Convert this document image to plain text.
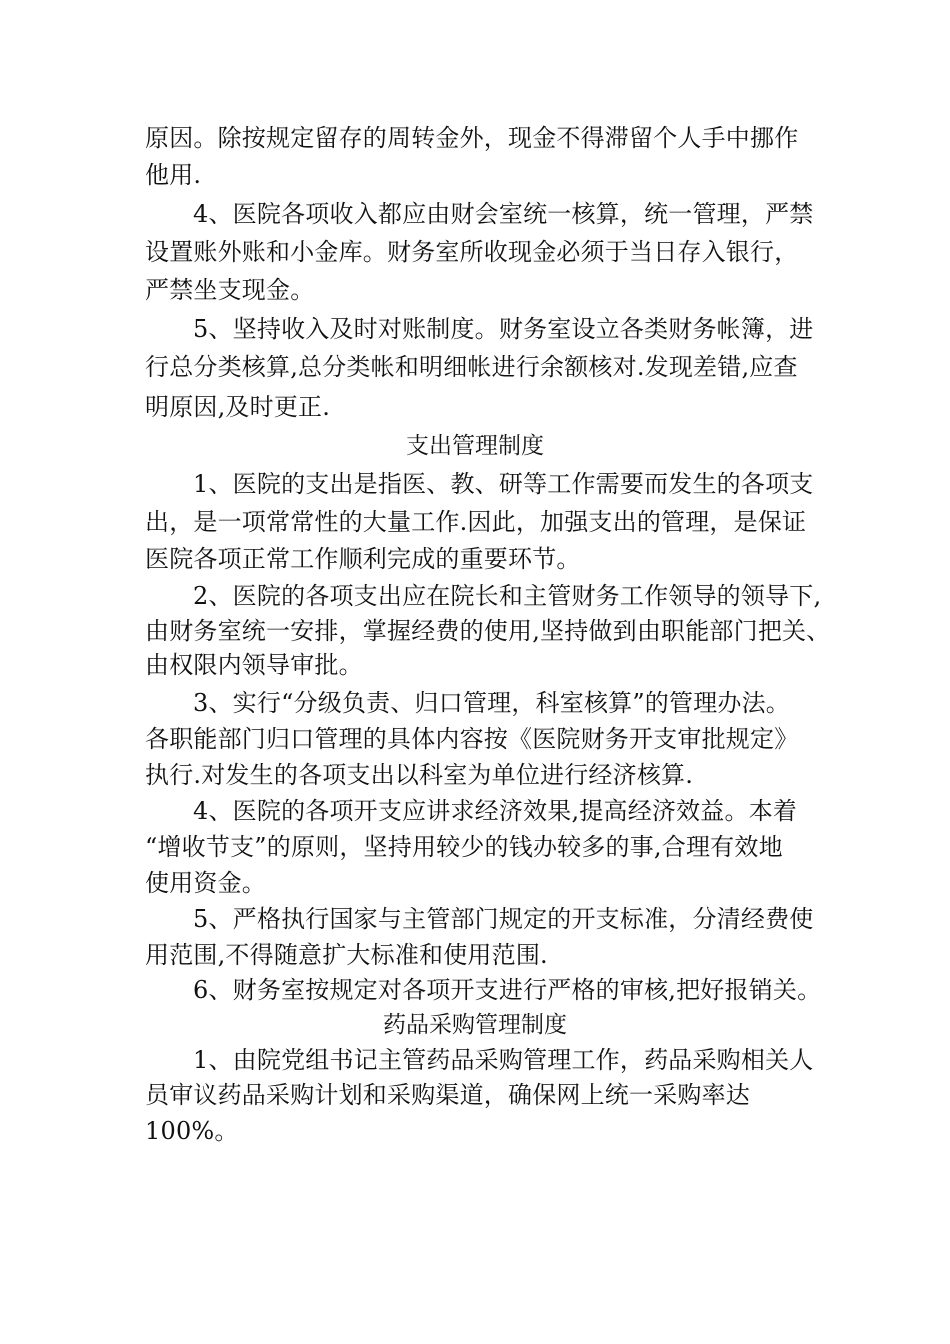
原因。除按规定留存的周转金外，现金不得滞留个人手中挪作
他用.
4、医院各项收入都应由财会室统一核算，统一管理，严禁
设置账外账和小金库。财务室所收现金必须于当日存入银行，
严禁坐支现金。
5、坚持收入及时对账制度。财务室设立各类财务帐簿，进
行总分类核算,总分类帐和明细帐进行余额核对.发现差错,应查
明原因,及时更正.
支出管理制度
1、医院的支出是指医、教、研等工作需要而发生的各项支
出，是一项常常性的大量工作.因此，加强支出的管理，是保证
医院各项正常工作顺利完成的重要环节。
2、医院的各项支出应在院长和主管财务工作领导的领导下,
由财务室统一安排，掌握经费的使用,坚持做到由职能部门把关、
由权限内领导审批。
3、实行“分级负责、归口管理，科室核算”的管理办法。
各职能部门归口管理的具体内容按《医院财务开支审批规定》
执行.对发生的各项支出以科室为单位进行经济核算.
4、医院的各项开支应讲求经济效果,提高经济效益。本着
“增收节支”的原则，坚持用较少的钱办较多的事,合理有效地
使用资金。
5、严格执行国家与主管部门规定的开支标准，分清经费使
用范围,不得随意扩大标准和使用范围.
6、财务室按规定对各项开支进行严格的审核,把好报销关。
药品采购管理制度
1、由院党组书记主管药品采购管理工作，药品采购相关人
员审议药品采购计划和采购渠道，确保网上统一采购率达
100%。
